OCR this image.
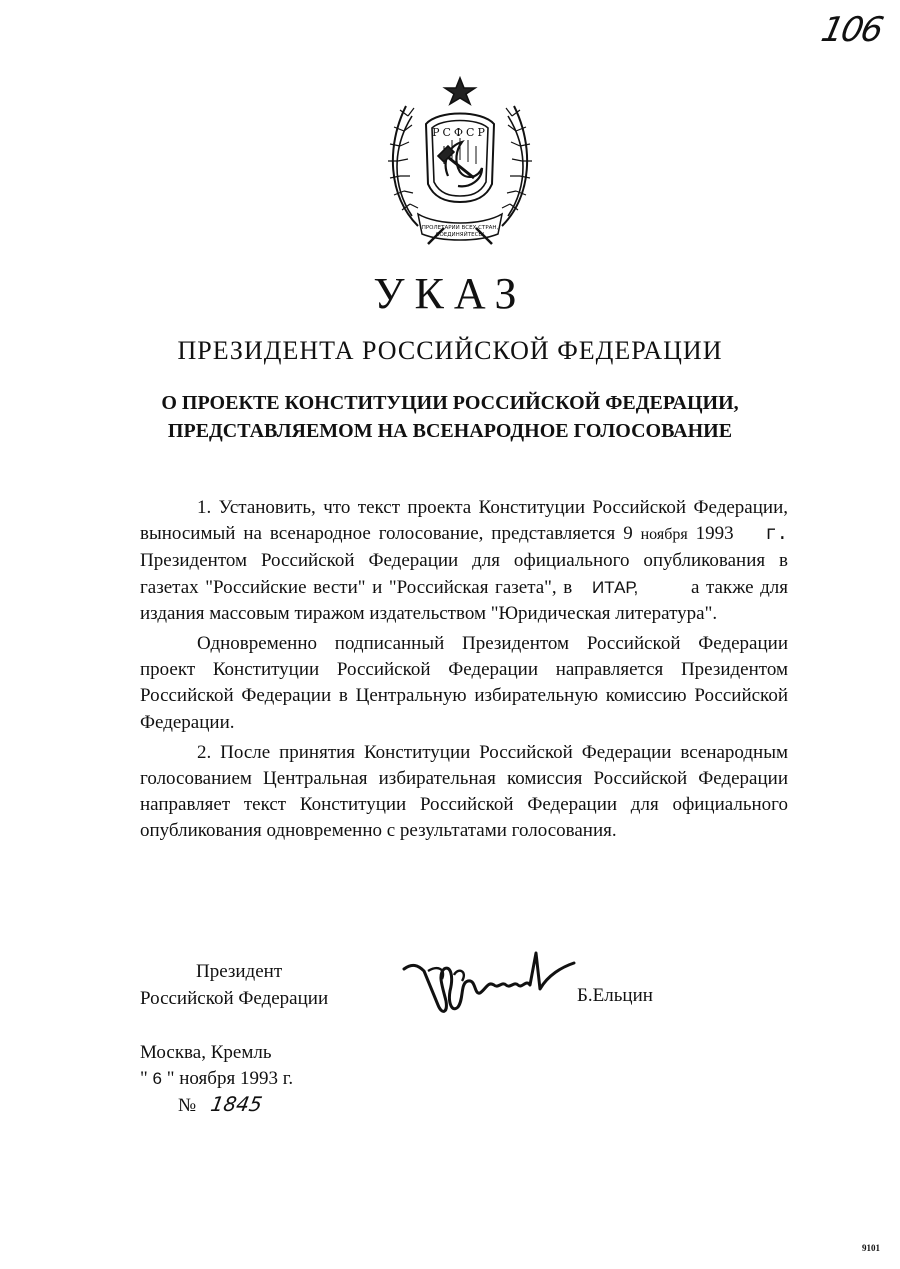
106
РСФСР
ПРОЛЕТАРИИ ВСЕХ СТРАН,
СОЕДИНЯЙТЕСЬ!
УКАЗ
ПРЕЗИДЕНТА РОССИЙСКОЙ ФЕДЕРАЦИИ
О ПРОЕКТЕ КОНСТИТУЦИИ РОССИЙСКОЙ ФЕДЕРАЦИИ,
ПРЕДСТАВЛЯЕМОМ НА ВСЕНАРОДНОЕ ГОЛОСОВАНИЕ

1. Установить, что текст проекта Конституции Российской Федерации, выносимый на всенародное голосование, представляется 9 ноября 1993 г. Президентом Российской Федерации для официального опубликования в газетах "Российские вести" и "Российская газета", в ИТАР,	а также для издания массовым тиражом издательством "Юридическая литература".

Одновременно подписанный Президентом Российской Федерации проект Конституции Российской Федерации направляется Президентом Российской Федерации в Центральную избирательную комиссию Российской Федерации.

2. После принятия Конституции Российской Федерации всенародным голосованием Центральная избирательная комиссия Российской Федерации направляет текст Конституции Российской Федерации для официального опубликования одновременно с результатами голосования.

Президент
Российской Федерации	Б.Ельцин
Москва, Кремль
" 6 " ноября 1993 г.
№ 1845
9101
